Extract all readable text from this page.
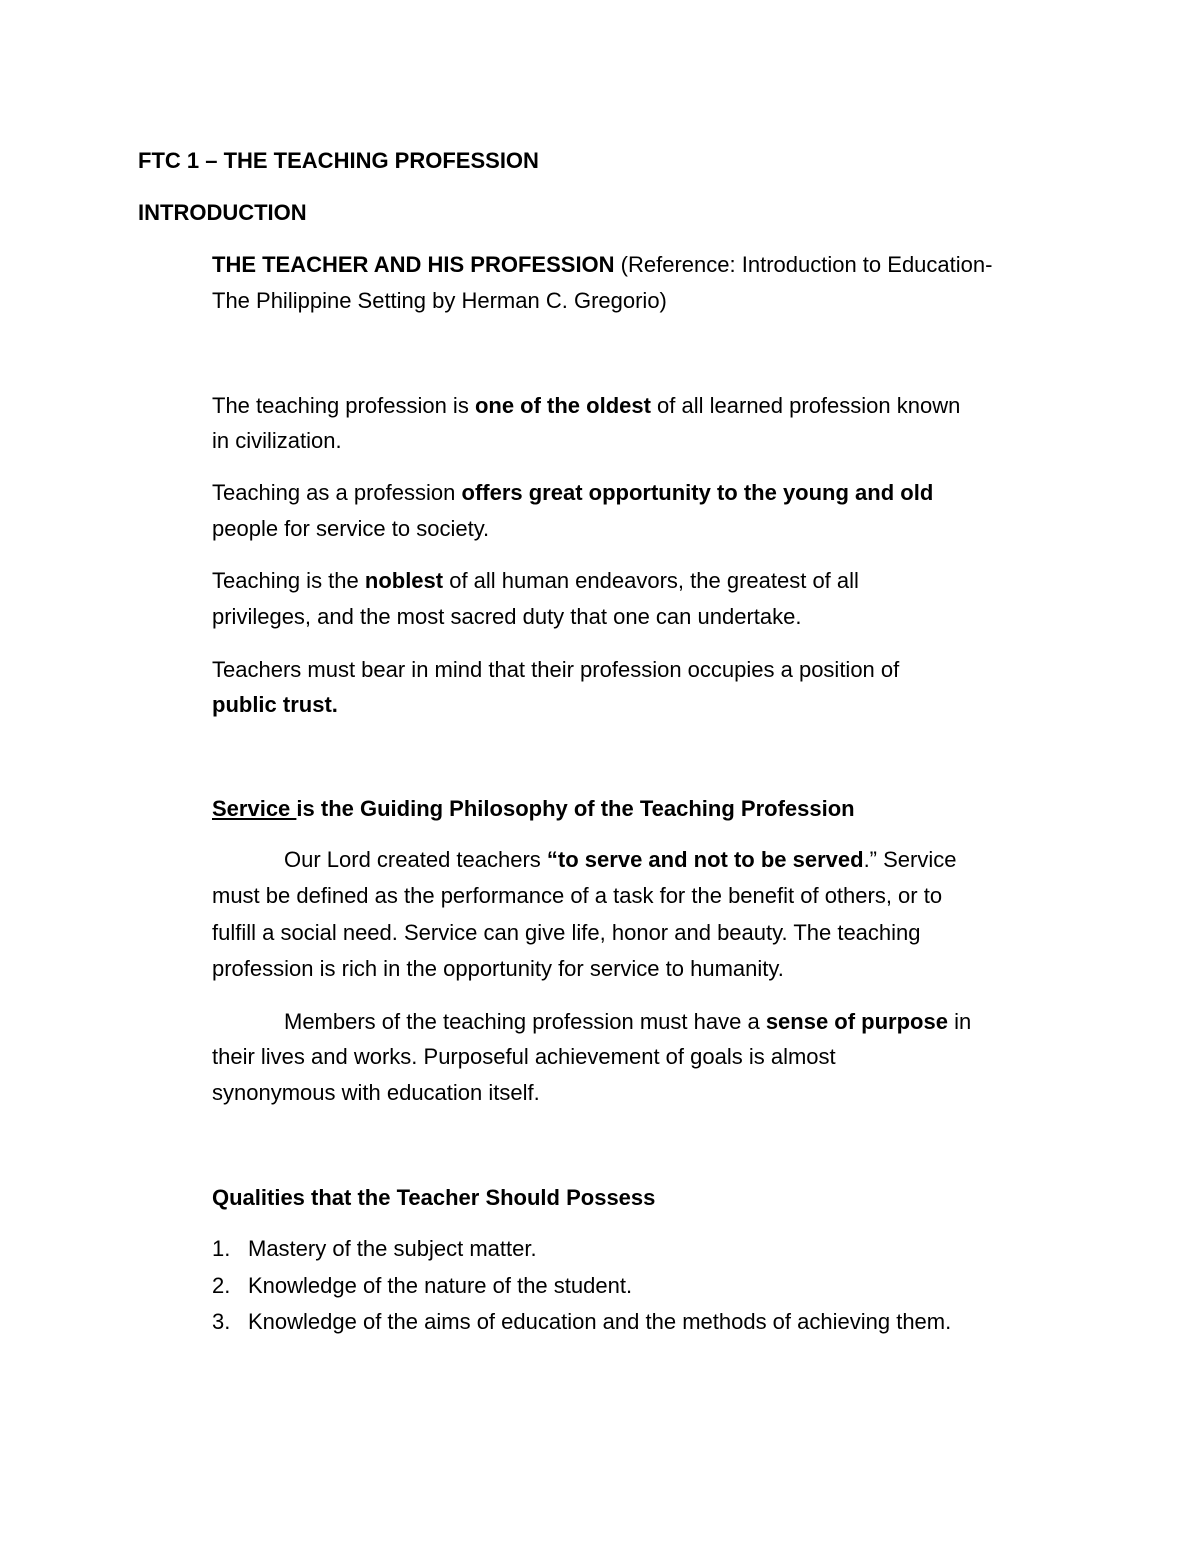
FTC 1 – THE TEACHING PROFESSION
INTRODUCTION
THE TEACHER AND HIS PROFESSION (Reference: Introduction to Education-
The Philippine Setting by Herman C. Gregorio)
The teaching profession is one of the oldest of all learned profession known
in civilization.
Teaching as a profession offers great opportunity to the young and old
people for service to society.
Teaching is the noblest of all human endeavors, the greatest of all
privileges, and the most sacred duty that one can undertake.
Teachers must bear in mind that their profession occupies a position of
public trust.
Service is the Guiding Philosophy of the Teaching Profession
Our Lord created teachers “to serve and not to be served.” Service
must be defined as the performance of a task for the benefit of others, or to
fulfill a social need. Service can give life, honor and beauty. The teaching
profession is rich in the opportunity for service to humanity.
Members of the teaching profession must have a sense of purpose in
their lives and works. Purposeful achievement of goals is almost
synonymous with education itself.
Qualities that the Teacher Should Possess
1. Mastery of the subject matter.
2. Knowledge of the nature of the student.
3. Knowledge of the aims of education and the methods of achieving them.
